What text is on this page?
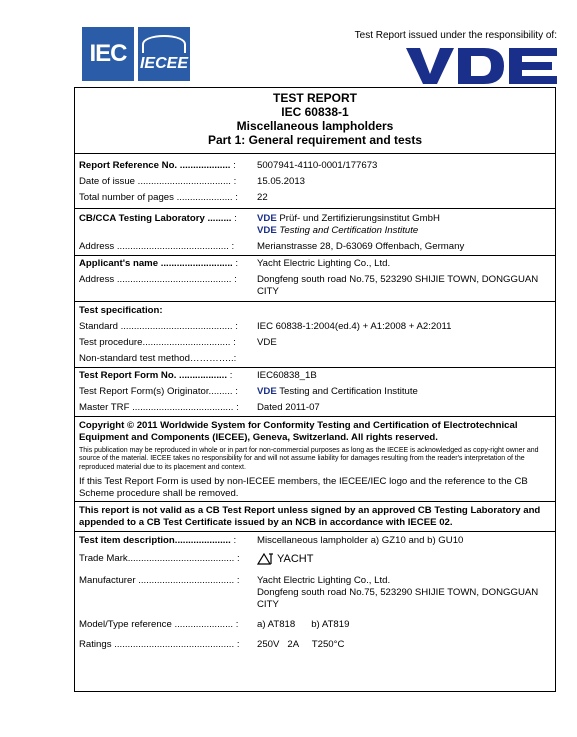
IEC IECEE
Test Report issued under the responsibility of:
TEST REPORT
IEC 60838-1
Miscellaneous lampholders
Part 1: General requirement and tests
Report Reference No. ................... :	5007941-4110-0001/177673
Date of issue ................................... :	15.05.2013
Total number of pages ..................... :	22
CB/CCA Testing Laboratory ......... :	VDE Prüf- und Zertifizierungsinstitut GmbH
VDE Testing and Certification Institute
Address .......................................... :	Merianstrasse 28, D-63069 Offenbach, Germany
Applicant's name ........................... :	Yacht Electric Lighting Co., Ltd.
Address ........................................... :	Dongfeng south road No.75, 523290 SHIJIE TOWN, DONGGUAN CITY
Test specification:
Standard .......................................... :	IEC 60838-1:2004(ed.4) + A1:2008 + A2:2011
Test procedure................................. :	VDE
Non-standard test method…………..:
Test Report Form No. .................. :	IEC60838_1B
Test Report Form(s) Originator......... :	VDE Testing and Certification Institute
Master TRF ...................................... :	Dated 2011-07
Copyright © 2011 Worldwide System for Conformity Testing and Certification of Electrotechnical Equipment and Components (IECEE), Geneva, Switzerland. All rights reserved.
This publication may be reproduced in whole or in part for non-commercial purposes as long as the IECEE is acknowledged as copy-right owner and source of the material. IECEE takes no responsibility for and will not assume liability for damages resulting from the reader's interpretation of the reproduced material due to its placement and context.
If this Test Report Form is used by non-IECEE members, the IECEE/IEC logo and the reference to the CB Scheme procedure shall be removed.
This report is not valid as a CB Test Report unless signed by an approved CB Testing Laboratory and appended to a CB Test Certificate issued by an NCB in accordance with IECEE 02.
Test item description..................... :	Miscellaneous lampholder a) GZ10 and b) GU10
Trade Mark........................................ :	YACHT
Manufacturer .................................... :	Yacht Electric Lighting Co., Ltd.
Dongfeng south road No.75, 523290 SHIJIE TOWN, DONGGUAN CITY
Model/Type reference ...................... :	a) AT818      b) AT819
Ratings ............................................. :	250V   2A     T250°C
